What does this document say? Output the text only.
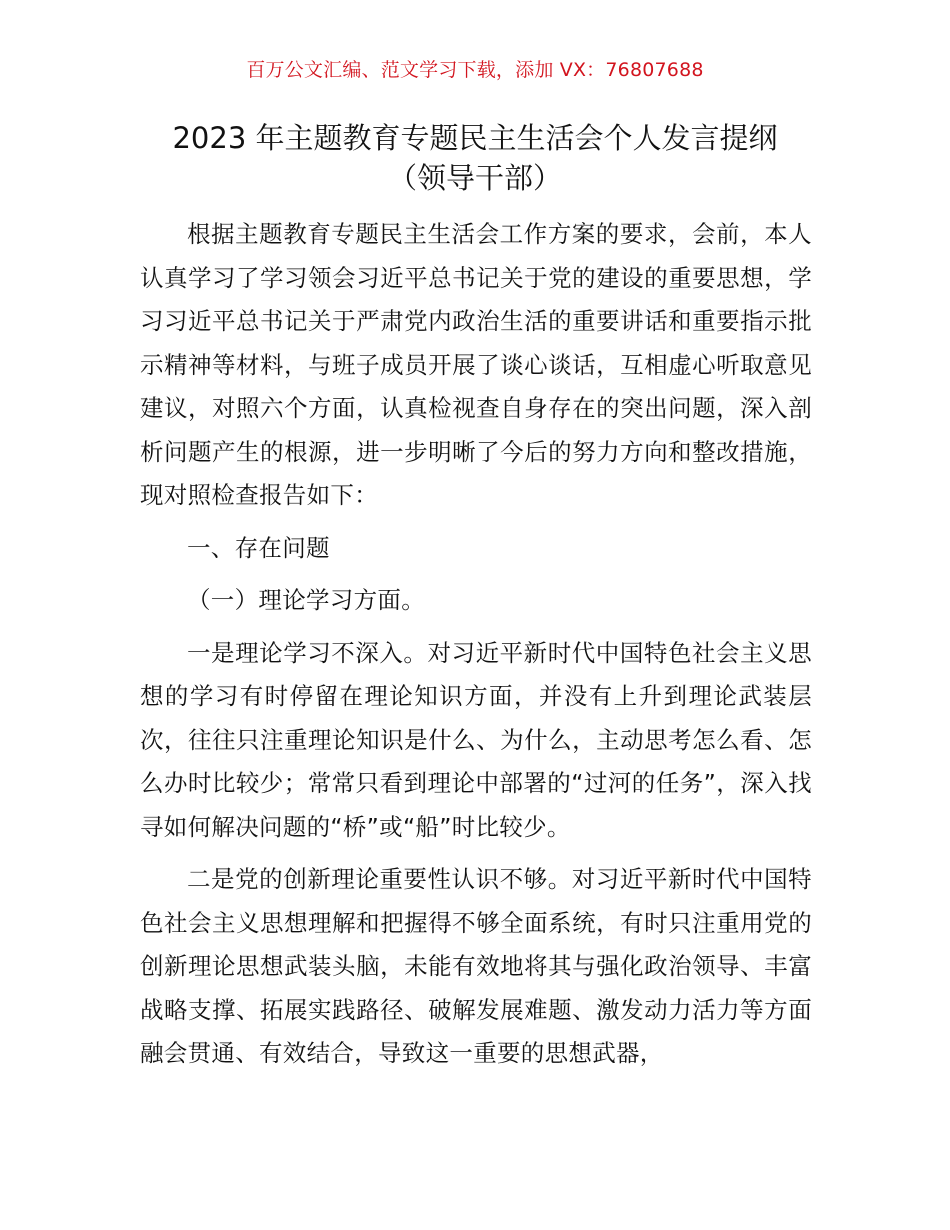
百万公文汇编、范文学习下载，添加 VX：76807688
2023 年主题教育专题民主生活会个人发言提纲
（领导干部）

根据主题教育专题民主生活会工作方案的要求，会前，本人认真学习了学习领会习近平总书记关于党的建设的重要思想，学习习近平总书记关于严肃党内政治生活的重要讲话和重要指示批示精神等材料，与班子成员开展了谈心谈话，互相虚心听取意见建议，对照六个方面，认真检视查自身存在的突出问题，深入剖析问题产生的根源，进一步明晰了今后的努力方向和整改措施，现对照检查报告如下：

一、存在问题

（一）理论学习方面。

一是理论学习不深入。对习近平新时代中国特色社会主义思想的学习有时停留在理论知识方面，并没有上升到理论武装层次，往往只注重理论知识是什么、为什么，主动思考怎么看、怎么办时比较少；常常只看到理论中部署的“过河的任务”，深入找寻如何解决问题的“桥”或“船”时比较少。

二是党的创新理论重要性认识不够。对习近平新时代中国特色社会主义思想理解和把握得不够全面系统，有时只注重用党的创新理论思想武装头脑，未能有效地将其与强化政治领导、丰富战略支撑、拓展实践路径、破解发展难题、激发动力活力等方面融会贯通、有效结合，导致这一重要的思想武器，
